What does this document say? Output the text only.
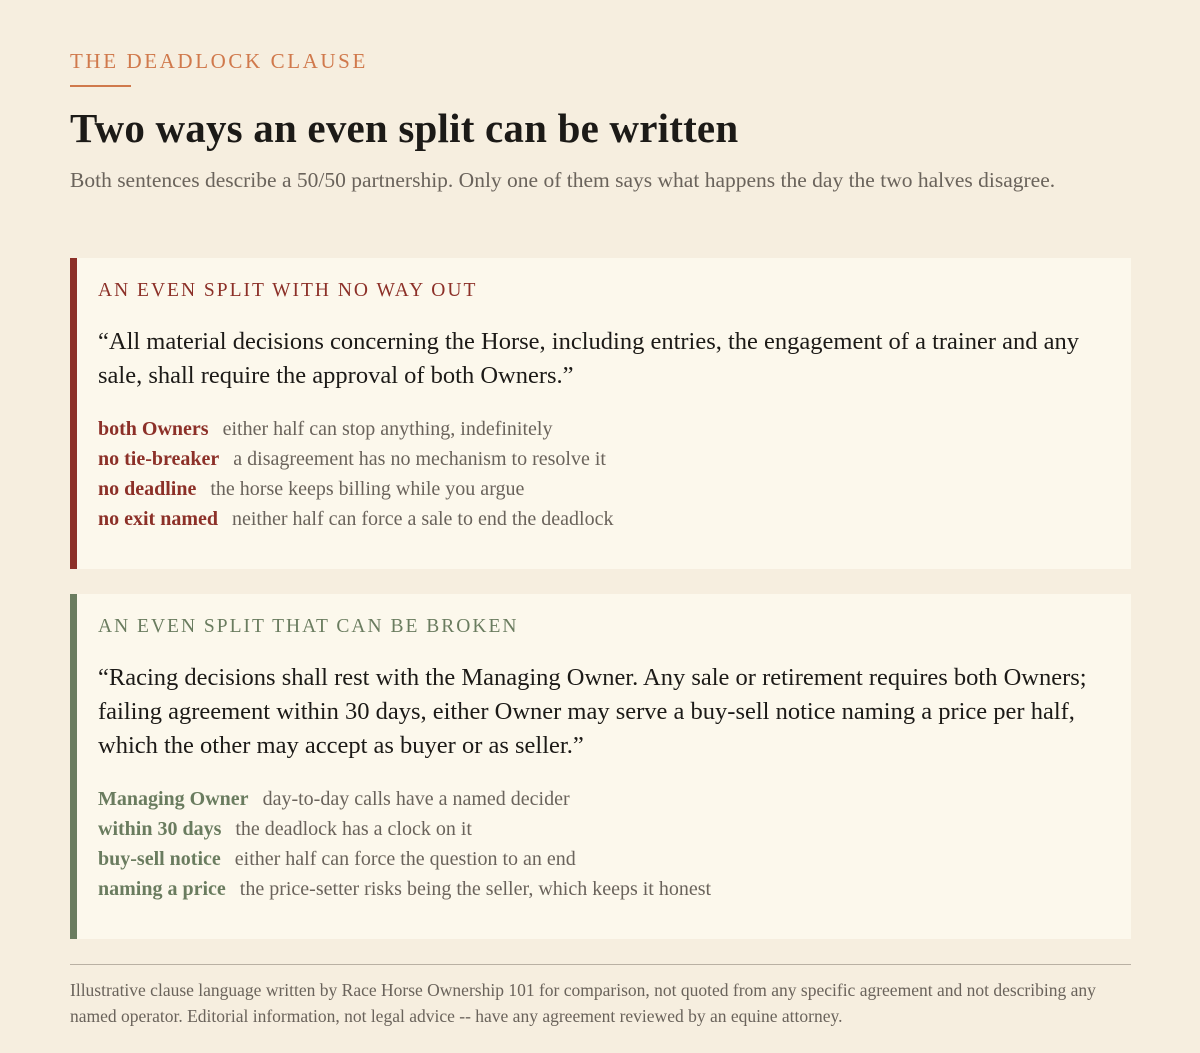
THE DEADLOCK CLAUSE
Two ways an even split can be written

Both sentences describe a 50/50 partnership. Only one of them says what happens the day the two halves disagree.

AN EVEN SPLIT WITH NO WAY OUT
“All material decisions concerning the Horse, including entries, the engagement of a trainer and any sale, shall require the approval of both Owners.”
both Owners either half can stop anything, indefinitely
no tie-breaker a disagreement has no mechanism to resolve it
no deadline the horse keeps billing while you argue
no exit named neither half can force a sale to end the deadlock
AN EVEN SPLIT THAT CAN BE BROKEN
“Racing decisions shall rest with the Managing Owner. Any sale or retirement requires both Owners; failing agreement within 30 days, either Owner may serve a buy-sell notice naming a price per half, which the other may accept as buyer or as seller.”
Managing Owner day-to-day calls have a named decider
within 30 days the deadlock has a clock on it
buy-sell notice either half can force the question to an end
naming a price the price-setter risks being the seller, which keeps it honest

Illustrative clause language written by Race Horse Ownership 101 for comparison, not quoted from any specific agreement and not describing any named operator. Editorial information, not legal advice -- have any agreement reviewed by an equine attorney.
